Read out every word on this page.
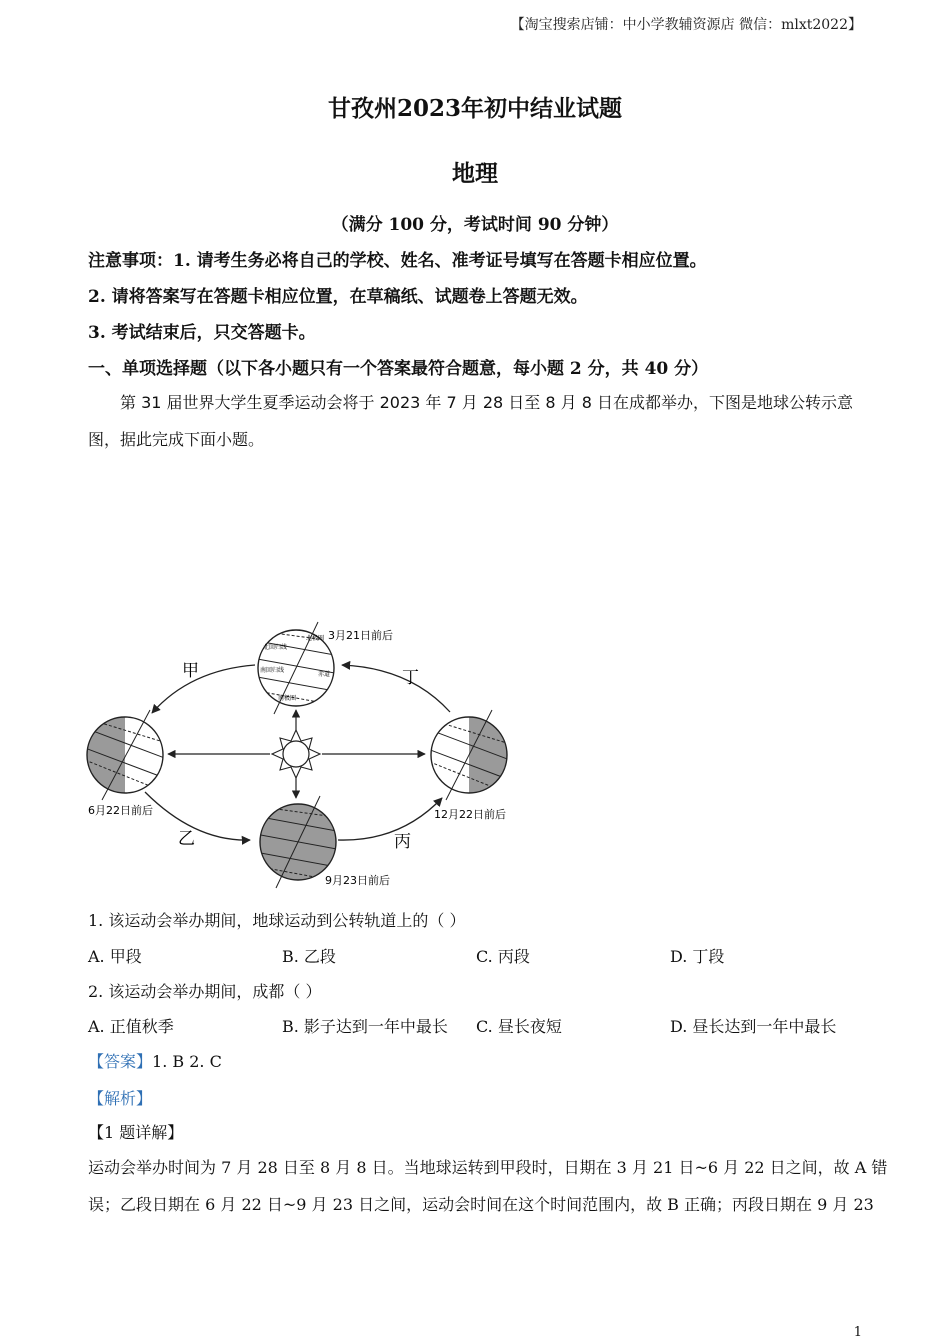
【淘宝搜索店铺：中小学教辅资源店 微信：mlxt2022】
甘孜州2023年初中结业试题
地理
（满分 100 分，考试时间 90 分钟）
注意事项：1. 请考生务必将自己的学校、姓名、准考证号填写在答题卡相应位置。
2. 请将答案写在答题卡相应位置，在草稿纸、试题卷上答题无效。
3. 考试结束后，只交答题卡。
一、单项选择题（以下各小题只有一个答案最符合题意，每小题 2 分，共 40 分）
第 31 届世界大学生夏季运动会将于 2023 年 7 月 28 日至 8 月 8 日在成都举办，下图是地球公转示意
图，据此完成下面小题。
3月21日前后
6月22日前后
9月23日前后
12月22日前后
甲
乙	丙
丁
北回归线
赤道
南回归线
北极圈
南极圈
1. 该运动会举办期间，地球运动到公转轨道上的（ ）
A. 甲段	B. 乙段	C. 丙段	D. 丁段
2. 该运动会举办期间，成都（ ）
A. 正值秋季	B. 影子达到一年中最长 C. 昼长夜短	D. 昼长达到一年中最长
【答案】1. B 2. C
【解析】
【1 题详解】
运动会举办时间为 7 月 28 日至 8 月 8 日。当地球运转到甲段时，日期在 3 月 21 日~6 月 22 日之间，故 A 错
误；乙段日期在 6 月 22 日~9 月 23 日之间，运动会时间在这个时间范围内，故 B 正确；丙段日期在 9 月 23
1
